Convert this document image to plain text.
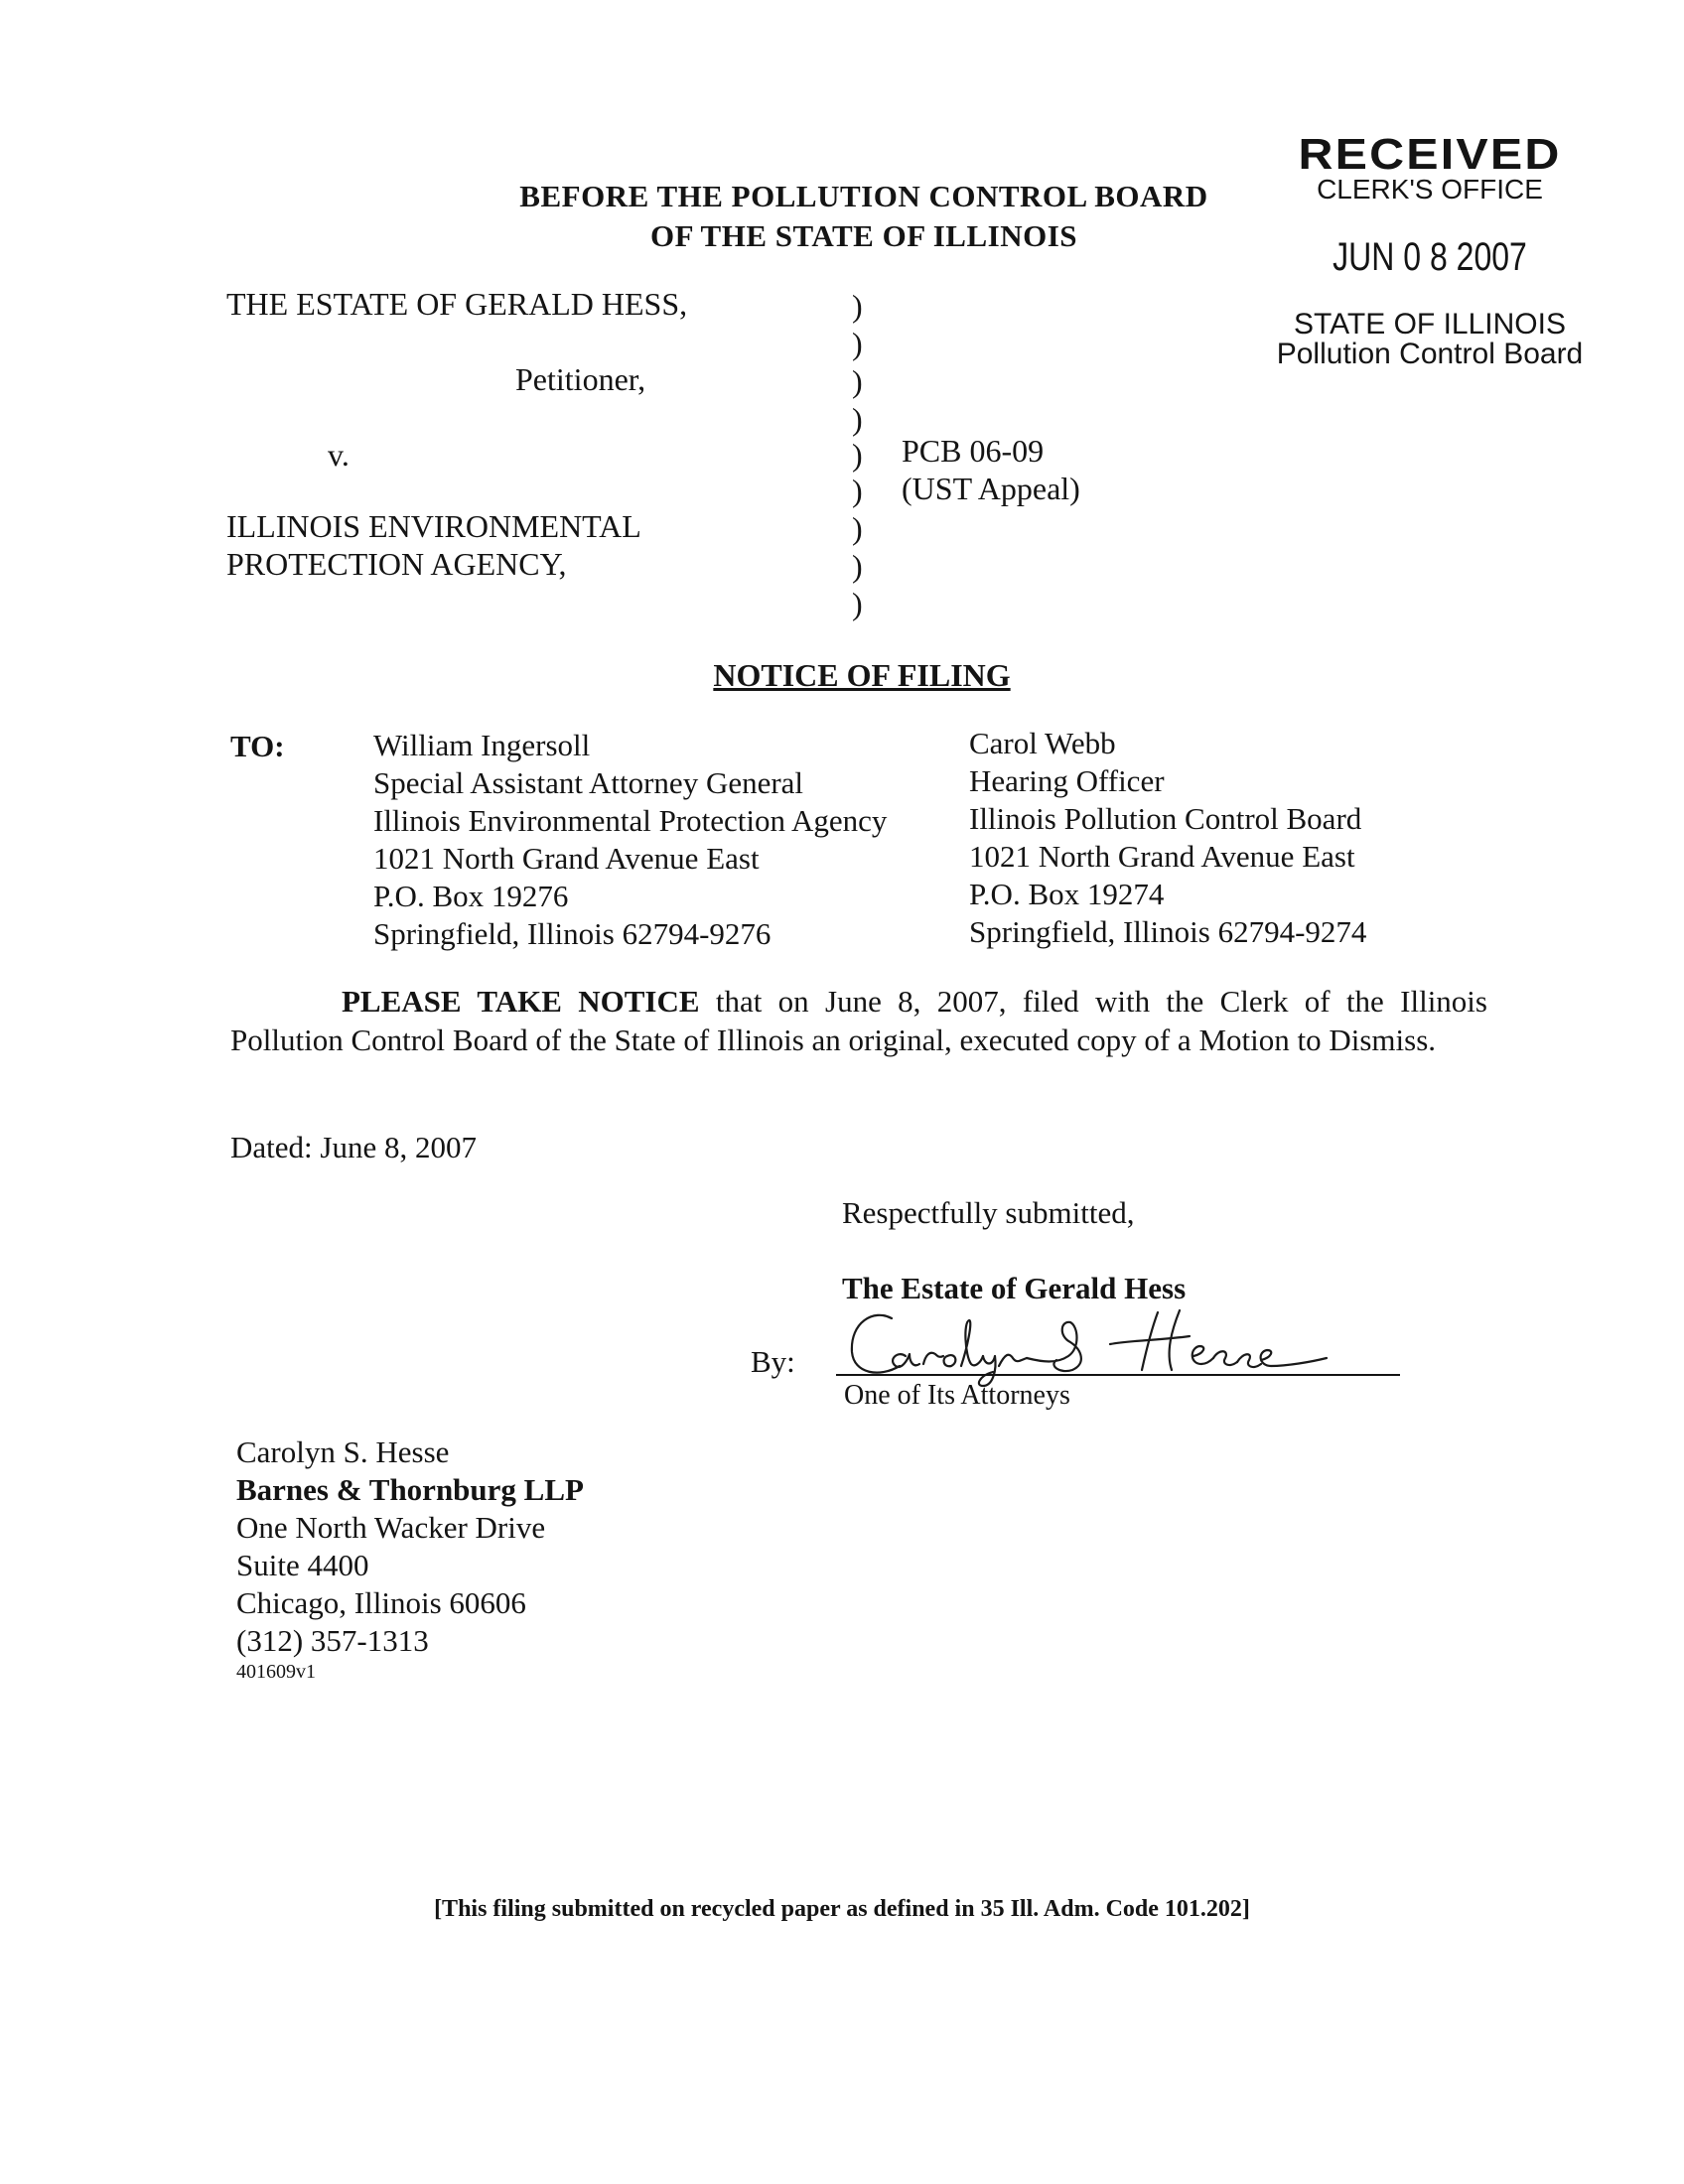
BEFORE THE POLLUTION CONTROL BOARD
OF THE STATE OF ILLINOIS
RECEIVED
CLERK'S OFFICE
JUN 0 8 2007
STATE OF ILLINOIS
Pollution Control Board
THE ESTATE OF GERALD HESS,
Petitioner,
v.
ILLINOIS ENVIRONMENTAL
PROTECTION AGENCY,
)
)
)
)
)
)
)
)
)
PCB 06-09
(UST Appeal)
NOTICE OF FILING
TO:	William Ingersoll
Special Assistant Attorney General
Illinois Environmental Protection Agency
1021 North Grand Avenue East
P.O. Box 19276
Springfield, Illinois 62794-9276
Carol Webb
Hearing Officer
Illinois Pollution Control Board
1021 North Grand Avenue East
P.O. Box 19274
Springfield, Illinois 62794-9274
PLEASE TAKE NOTICE that on June 8, 2007, filed with the Clerk of the Illinois Pollution Control Board of the State of Illinois an original, executed copy of a Motion to Dismiss.
Dated: June 8, 2007
Respectfully submitted,
The Estate of Gerald Hess
By:
One of Its Attorneys
Carolyn S. Hesse
Barnes & Thornburg LLP
One North Wacker Drive
Suite 4400
Chicago, Illinois 60606
(312) 357-1313
401609v1
[This filing submitted on recycled paper as defined in 35 Ill. Adm. Code 101.202]
